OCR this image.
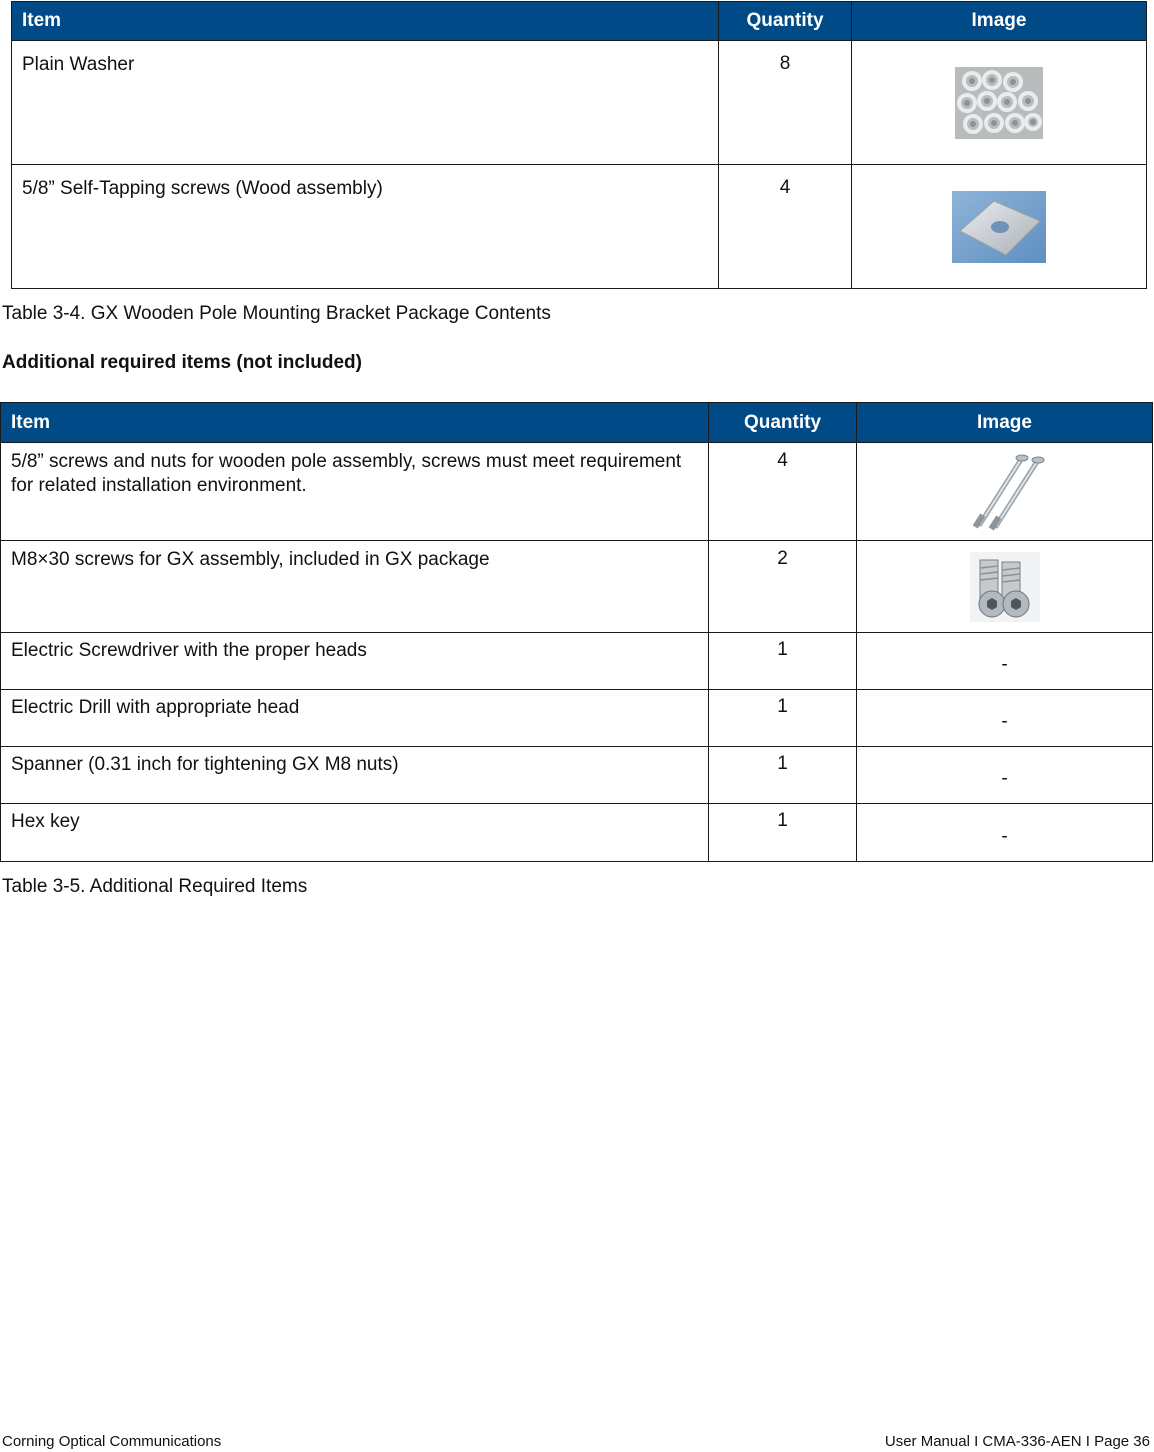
Item	Quantity	Image
Plain Washer	8	

5/8” Self-Tapping screws (Wood assembly)	4	
Table 3-4. GX Wooden Pole Mounting Bracket Package Contents
Additional required items (not included)
Item	Quantity	Image
5/8” screws and nuts for wooden pole assembly, screws must meet requirement for related installation environment.	4	

M8×30 screws for GX assembly, included in GX package	2	

Electric Screwdriver with the proper heads	1	-
Electric Drill with appropriate head	1	-
Spanner (0.31 inch for tightening GX M8 nuts)	1	-
Hex key	1	-
Table 3-5. Additional Required Items
Corning Optical Communications	User Manual I CMA-336-AEN I Page 36
